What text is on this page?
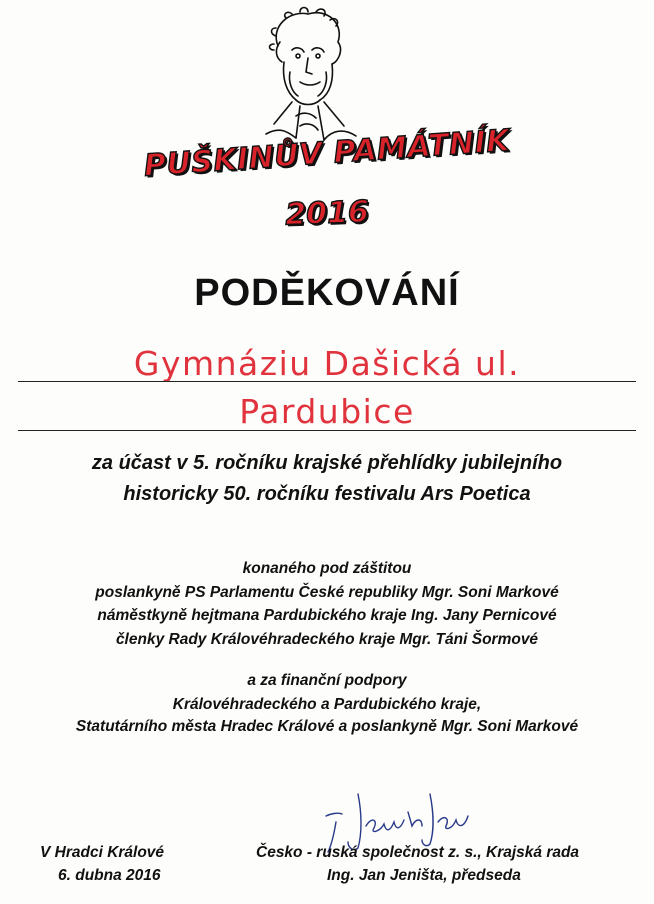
PUŠKINŮV PAMÁTNÍK
2016
PODĚKOVÁNÍ
Gymnáziu Dašická ul.
Pardubice
za účast v 5. ročníku krajské přehlídky jubilejního
historicky 50. ročníku festivalu Ars Poetica
konaného pod záštitou
poslankyně PS Parlamentu České republiky Mgr. Soni Markové
náměstkyně hejtmana Pardubického kraje Ing. Jany Pernicové
členky Rady Královéhradeckého kraje Mgr. Táni Šormové
a za finanční podpory
Královéhradeckého a Pardubického kraje,
Statutárního města Hradec Králové a poslankyně Mgr. Soni Markové
V Hradci Králové
6. dubna 2016
Česko - ruská společnost z. s., Krajská rada
Ing. Jan Jeništa, předseda
